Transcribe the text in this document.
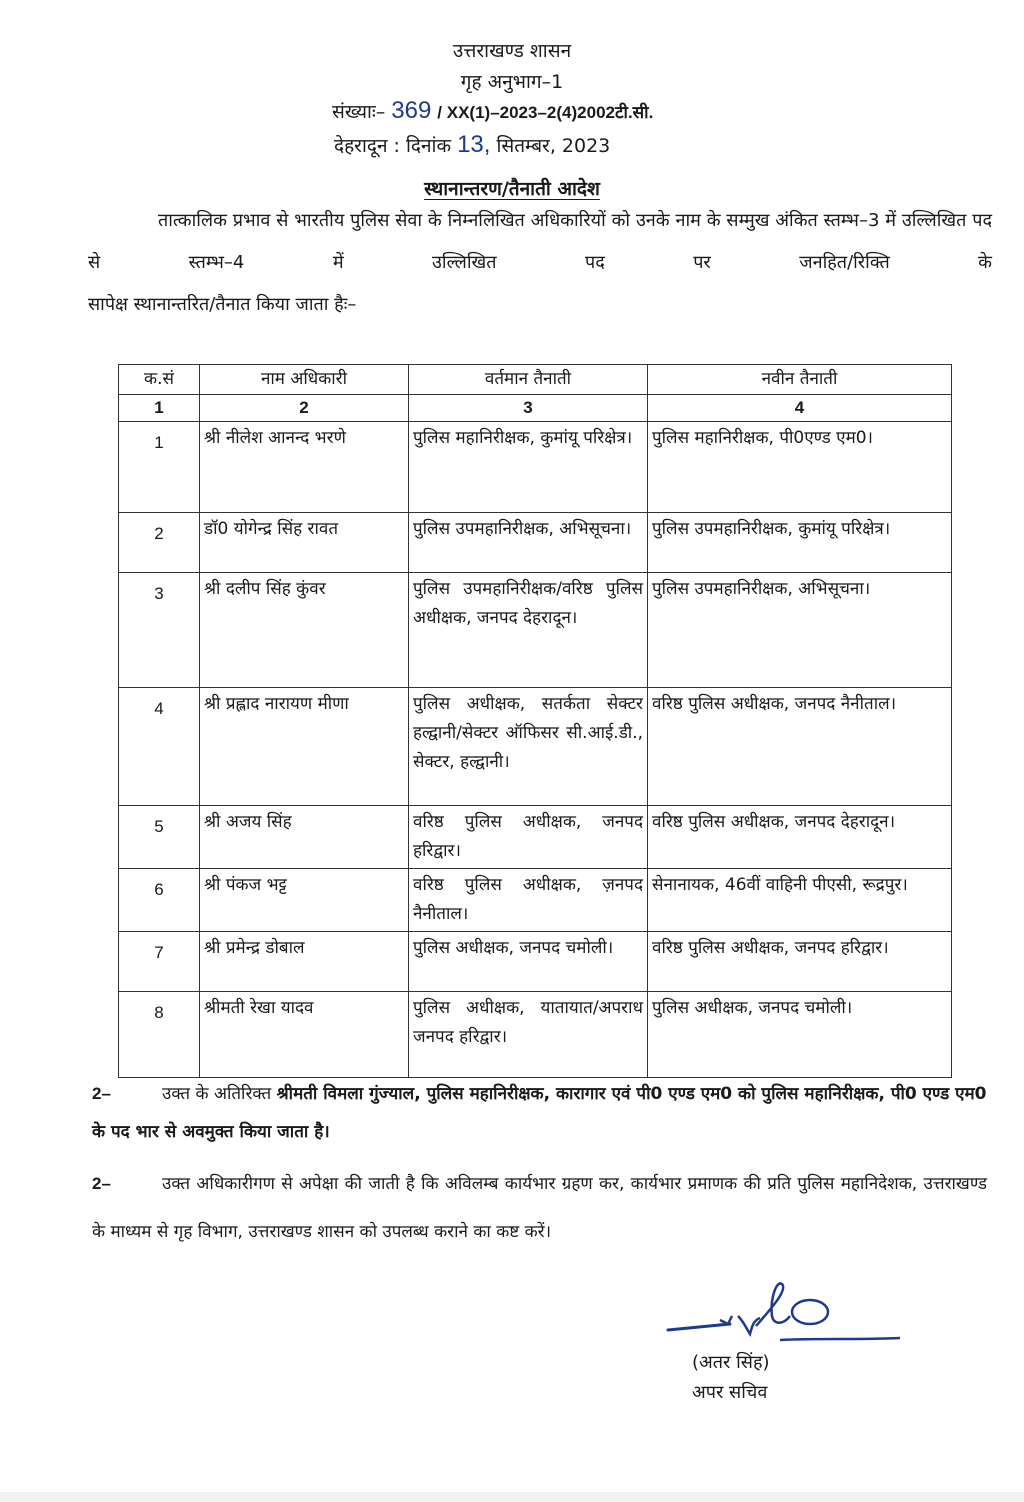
उत्तराखण्ड शासन
गृह अनुभाग–1
संख्याः– 369 / XX(1)–2023–2(4)2002टी.सी.
देहरादून : दिनांक 13, सितम्बर, 2023
स्थानान्तरण/तैनाती आदेश
तात्कालिक प्रभाव से भारतीय पुलिस सेवा के निम्नलिखित अधिकारियों को उनके नाम के सम्मुख अंकित स्तम्भ–3 में उल्लिखित पद से स्तम्भ–4 में उल्लिखित पद पर जनहित/रिक्ति के
सापेक्ष स्थानान्तरित/तैनात किया जाता हैः–
क.सं	नाम अधिकारी	वर्तमान तैनाती	नवीन तैनाती
1	2	3	4
1	श्री नीलेश आनन्द भरणे	पुलिस महानिरीक्षक, कुमांयू परिक्षेत्र।	पुलिस महानिरीक्षक, पी0एण्ड एम0।
2	डॉ0 योगेन्द्र सिंह रावत	पुलिस उपमहानिरीक्षक, अभिसूचना।	पुलिस उपमहानिरीक्षक, कुमांयू परिक्षेत्र।
3	श्री दलीप सिंह कुंवर	पुलिस उपमहानिरीक्षक/वरिष्ठ पुलिस अधीक्षक, जनपद देहरादून।	पुलिस उपमहानिरीक्षक, अभिसूचना।
4	श्री प्रह्लाद नारायण मीणा	पुलिस अधीक्षक, सतर्कता सेक्टर हल्द्वानी/सेक्टर ऑफिसर सी.आई.डी., सेक्टर, हल्द्वानी।	वरिष्ठ पुलिस अधीक्षक, जनपद नैनीताल।
5	श्री अजय सिंह	वरिष्ठ पुलिस अधीक्षक, जनपद हरिद्वार।	वरिष्ठ पुलिस अधीक्षक, जनपद देहरादून।
6	श्री पंकज भट्ट	वरिष्ठ पुलिस अधीक्षक, ज़नपद नैनीताल।	सेनानायक, 46वीं वाहिनी पीएसी, रूद्रपुर।
7	श्री प्रमेन्द्र डोबाल	पुलिस अधीक्षक, जनपद चमोली।	वरिष्ठ पुलिस अधीक्षक, जनपद हरिद्वार।
8	श्रीमती रेखा यादव	पुलिस अधीक्षक, यातायात/अपराध जनपद हरिद्वार।	पुलिस अधीक्षक, जनपद चमोली।
2–	उक्त के अतिरिक्त श्रीमती विमला गुंज्याल, पुलिस महानिरीक्षक, कारागार एवं पी0 एण्ड एम0 को पुलिस महानिरीक्षक, पी0 एण्ड एम0 के पद भार से अवमुक्त किया जाता है।
2–	उक्त अधिकारीगण से अपेक्षा की जाती है कि अविलम्ब कार्यभार ग्रहण कर, कार्यभार प्रमाणक की प्रति पुलिस महानिदेशक, उत्तराखण्ड के माध्यम से गृह विभाग, उत्तराखण्ड शासन को उपलब्ध कराने का कष्ट करें।
(अतर सिंह)
अपर सचिव
